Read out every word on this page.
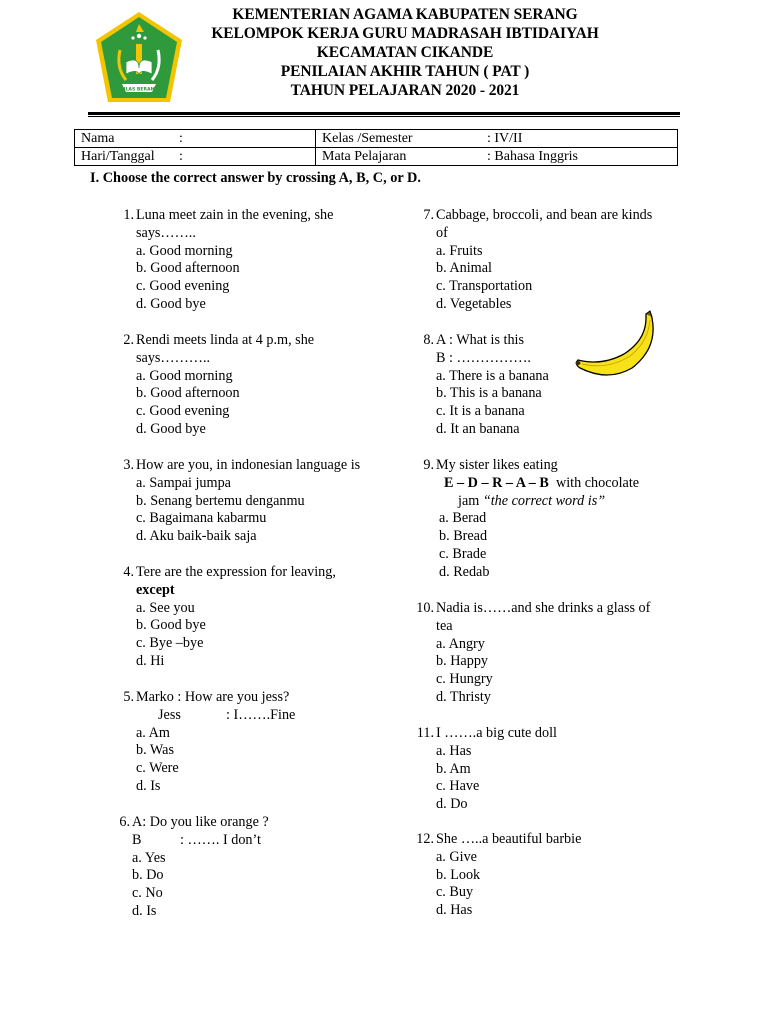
IKHLAS BERAMAL
KEMENTERIAN AGAMA KABUPATEN SERANG
KELOMPOK KERJA GURU MADRASAH IBTIDAIYAH
KECAMATAN CIKANDE
PENILAIAN AKHIR TAHUN ( PAT )
TAHUN PELAJARAN 2020 - 2021
Nama :	Kelas /Semester : IV/II
Hari/Tanggal :	Mata Pelajaran : Bahasa Inggris
I. Choose the correct answer by crossing A, B, C, or D.
1. Luna meet zain in the evening, she
says……..
a. Good morning
b. Good afternoon
c. Good evening
d. Good bye
2. Rendi meets linda at 4 p.m, she
says………..
a. Good morning
b. Good afternoon
c. Good evening
d. Good bye
3. How are you, in indonesian language is
a. Sampai jumpa
b. Senang bertemu denganmu
c. Bagaimana kabarmu
d. Aku baik-baik saja
4. Tere are the expression for leaving,
except
a. See you
b. Good bye
c. Bye –bye
d. Hi
5. Marko : How are you jess?
Jess	: I…….Fine
a. Am
b. Was
c. Were
d. Is
6. A: Do you like orange ?
B	: ……. I don’t
a. Yes
b. Do
c. No
d. Is
7. Cabbage, broccoli, and bean are kinds
of
a. Fruits
b. Animal
c. Transportation
d. Vegetables
8. A : What is this
B : …………….
a. There is a banana
b. This is a banana
c. It is a banana
d. It an banana
9. My sister likes eating
E – D – R – A – B with chocolate
jam “the correct word is”
a. Berad
b. Bread
c. Brade
d. Redab
10. Nadia is……and she drinks a glass of
tea
a. Angry
b. Happy
c. Hungry
d. Thristy
11. I …….a big cute doll
a. Has
b. Am
c. Have
d. Do
12. She …..a beautiful barbie
a. Give
b. Look
c. Buy
d. Has
